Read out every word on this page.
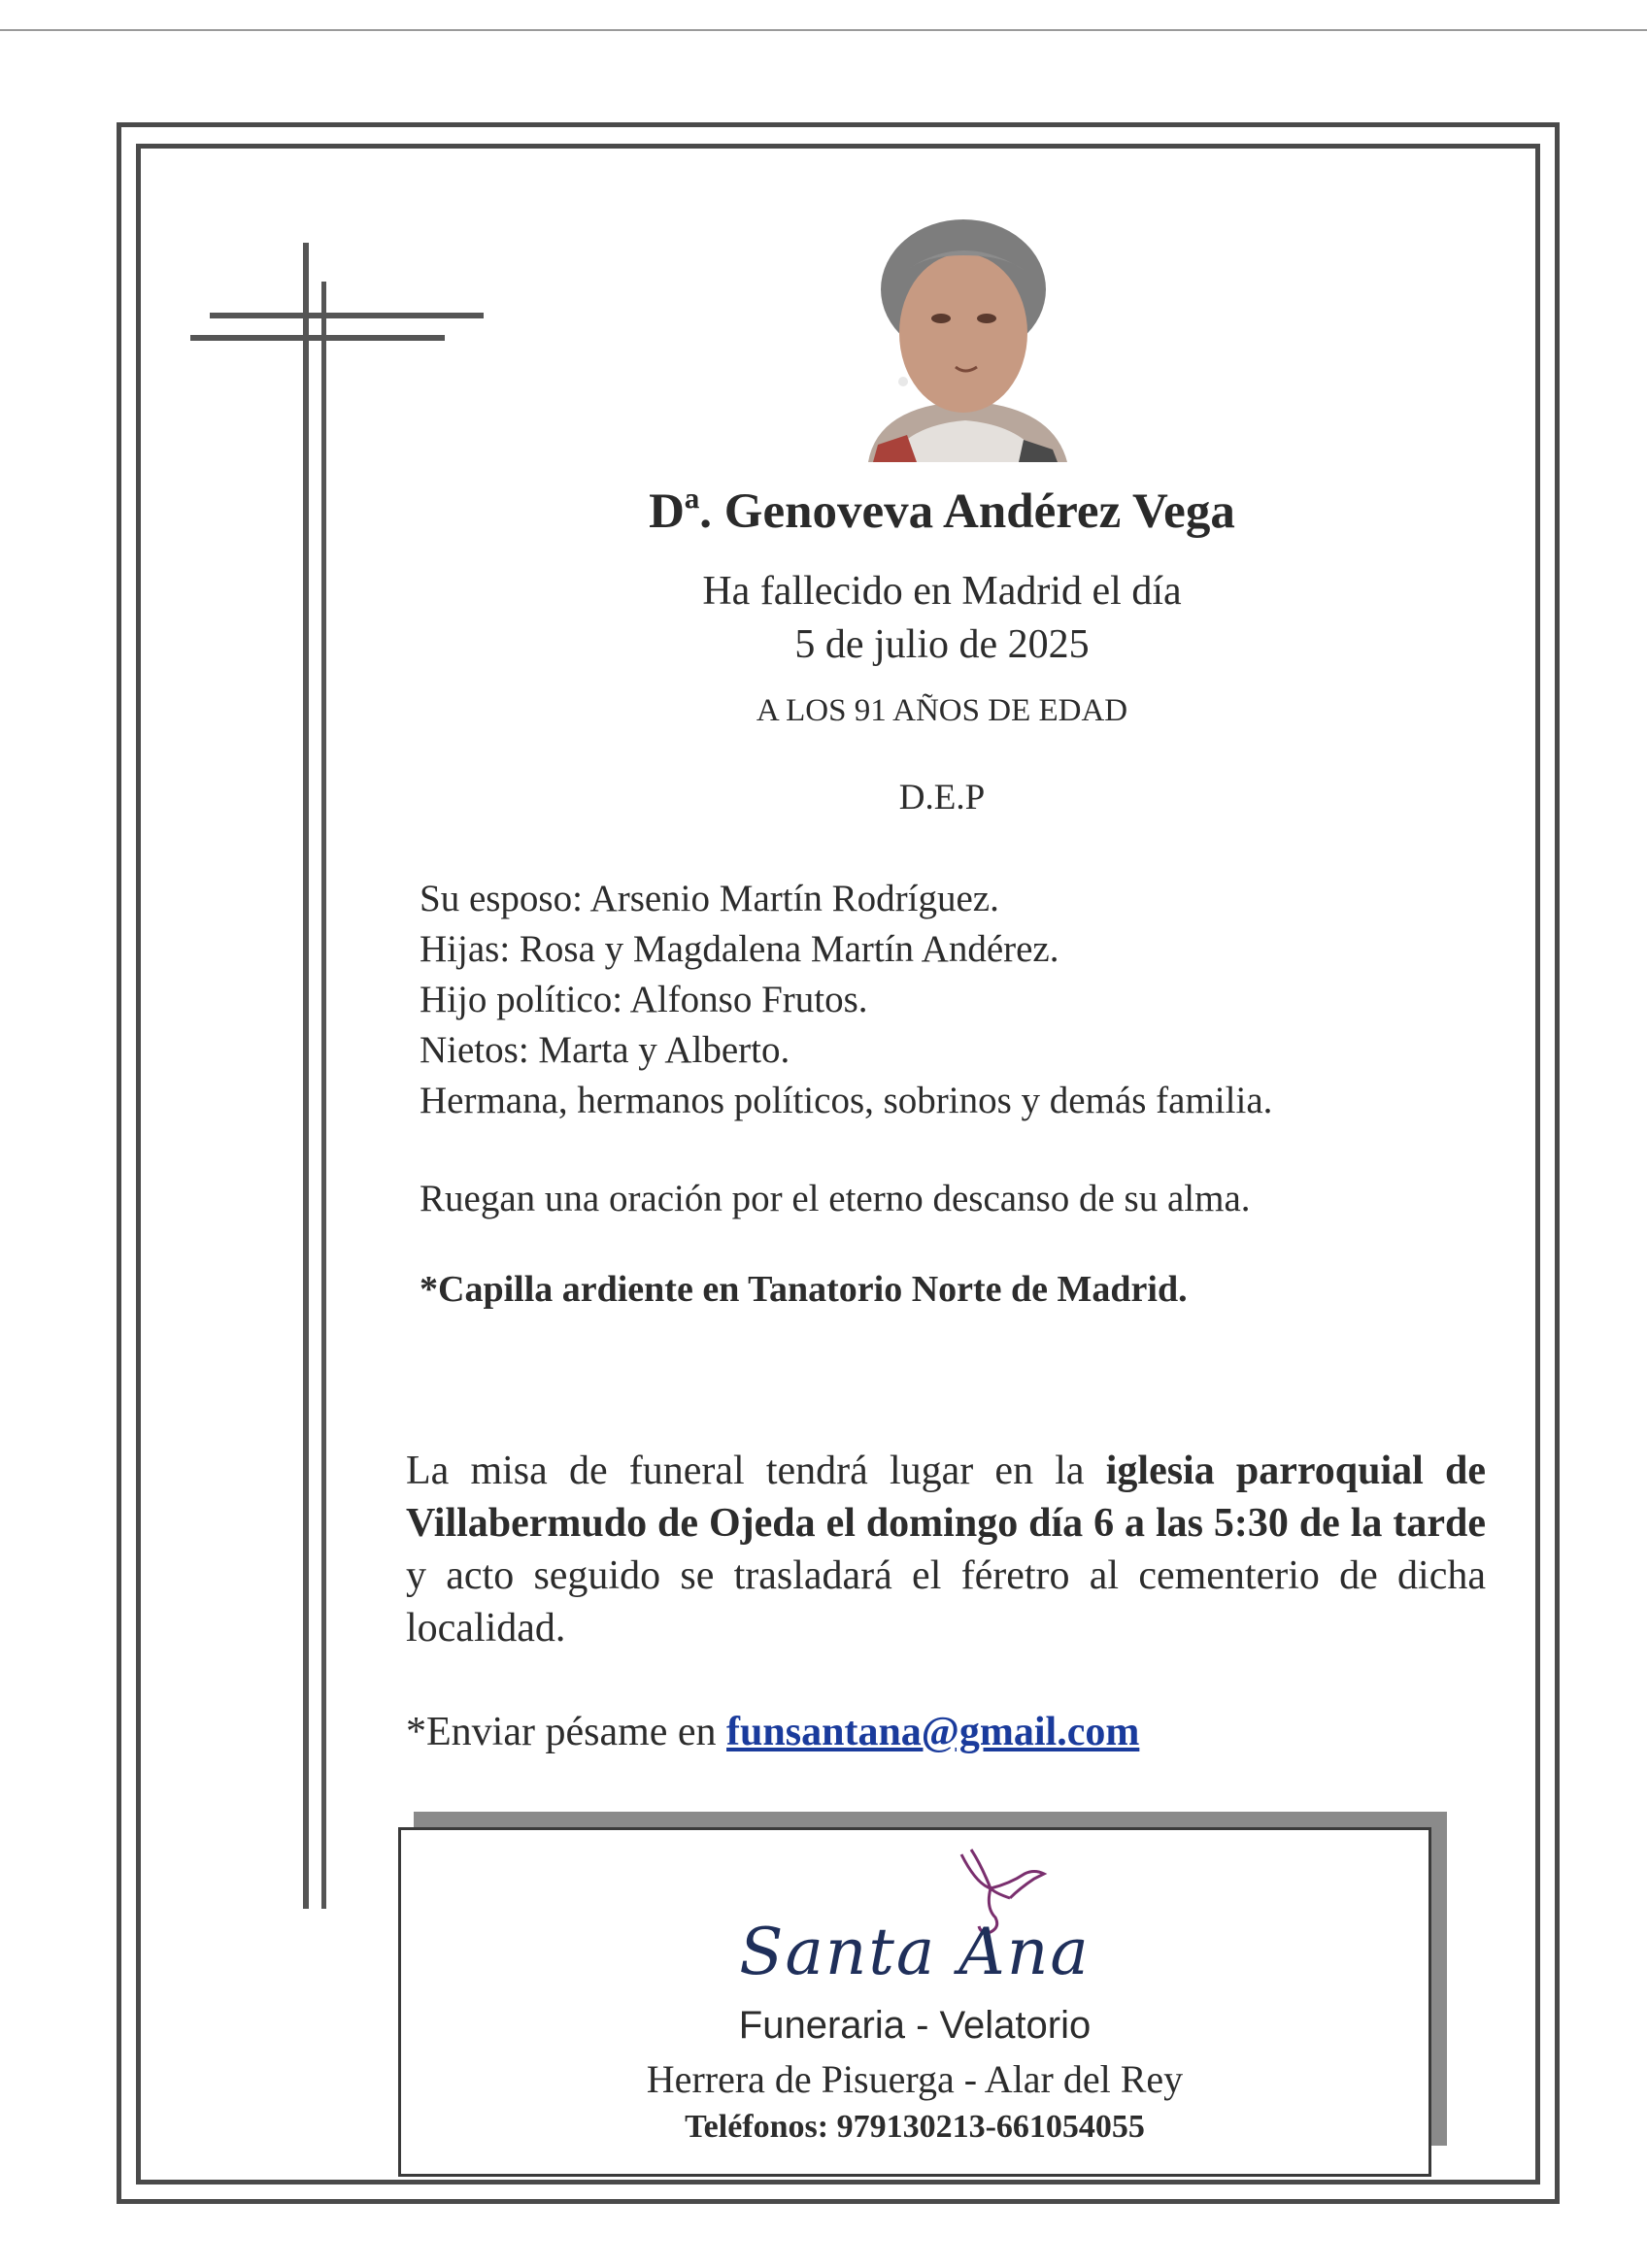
Dª. Genoveva Andérez Vega
Ha fallecido en Madrid el día
5 de julio de 2025
A LOS 91 AÑOS DE EDAD
D.E.P
Su esposo: Arsenio Martín Rodríguez.
Hijas: Rosa y Magdalena Martín Andérez.
Hijo político: Alfonso Frutos.
Nietos: Marta y Alberto.
Hermana, hermanos políticos, sobrinos y demás familia.
Ruegan una oración por el eterno descanso de su alma.
*Capilla ardiente en Tanatorio Norte de Madrid.
La misa de funeral tendrá lugar en la iglesia parroquial de Villabermudo de Ojeda el domingo día 6 a las 5:30 de la tarde y acto seguido se trasladará el féretro al cementerio de dicha localidad.
*Enviar pésame en funsantana@gmail.com
Santa Ana
Funeraria - Velatorio
Herrera de Pisuerga - Alar del Rey
Teléfonos: 979130213-661054055
